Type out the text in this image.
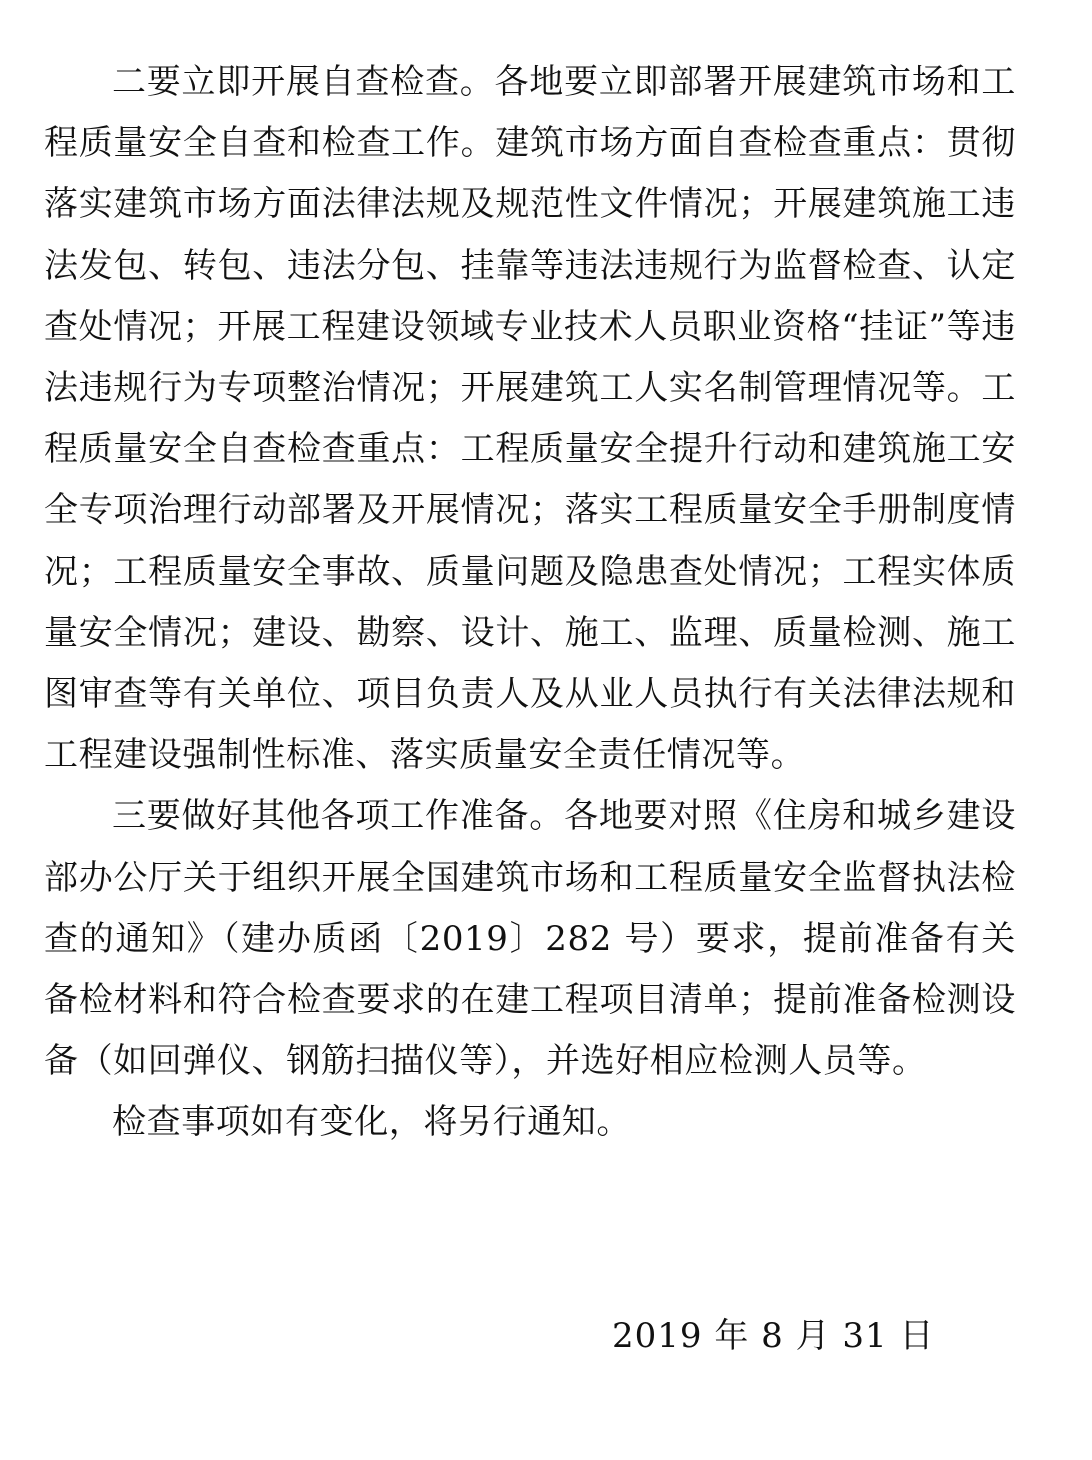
二要立即开展自查检查。各地要立即部署开展建筑市场和工程质量安全自查和检查工作。建筑市场方面自查检查重点：贯彻落实建筑市场方面法律法规及规范性文件情况；开展建筑施工违法发包、转包、违法分包、挂靠等违法违规行为监督检查、认定查处情况；开展工程建设领域专业技术人员职业资格“挂证”等违法违规行为专项整治情况；开展建筑工人实名制管理情况等。工程质量安全自查检查重点：工程质量安全提升行动和建筑施工安全专项治理行动部署及开展情况；落实工程质量安全手册制度情况；工程质量安全事故、质量问题及隐患查处情况；工程实体质量安全情况；建设、勘察、设计、施工、监理、质量检测、施工图审查等有关单位、项目负责人及从业人员执行有关法律法规和工程建设强制性标准、落实质量安全责任情况等。

三要做好其他各项工作准备。各地要对照《住房和城乡建设部办公厅关于组织开展全国建筑市场和工程质量安全监督执法检查的通知》（建办质函〔2019〕282 号）要求，提前准备有关备检材料和符合检查要求的在建工程项目清单；提前准备检测设备（如回弹仪、钢筋扫描仪等），并选好相应检测人员等。

检查事项如有变化，将另行通知。

2019 年 8 月 31 日
